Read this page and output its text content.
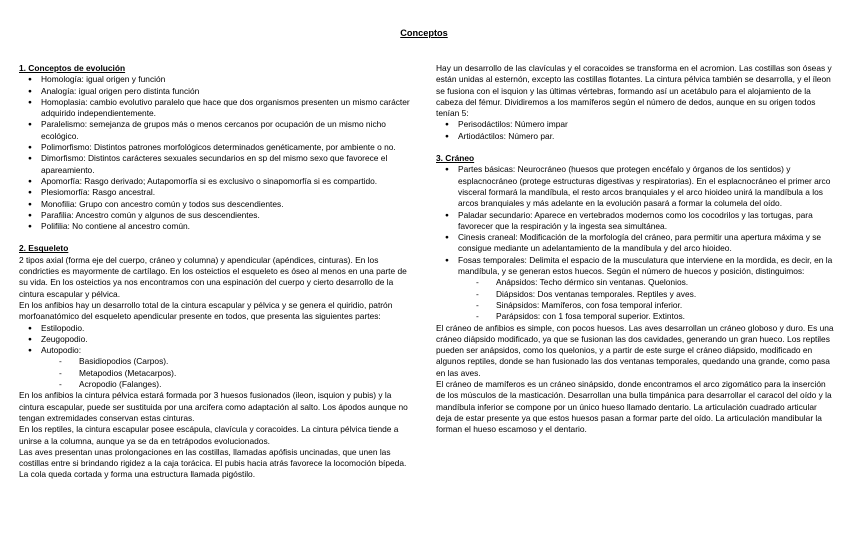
Conceptos

1. Conceptos de evolución

● Homología: igual origen y función
● Analogía: igual origen pero distinta función
● Homoplasia: cambio evolutivo paralelo que hace que dos organismos presenten un mismo carácter adquirido independientemente.
● Paralelismo: semejanza de grupos más o menos cercanos por ocupación de un mismo nicho ecológico.
● Polimorfismo: Distintos patrones morfológicos determinados genéticamente, por ambiente o no.
● Dimorfismo: Distintos carácteres sexuales secundarios en sp del mismo sexo que favorece el apareamiento.
● Apomorfía: Rasgo derivado; Autapomorfía si es exclusivo o sinapomorfía si es compartido.
● Plesiomorfía: Rasgo ancestral.
● Monofilia: Grupo con ancestro común y todos sus descendientes.
● Parafilia: Ancestro común y algunos de sus descendientes.
● Polifilia: No contiene al ancestro común.

2. Esqueleto

2 tipos axial (forma eje del cuerpo, cráneo y columna) y apendicular (apéndices, cinturas). En los condricties es mayormente de cartílago. En los osteictios el esqueleto es óseo al menos en una parte de su vida. En los osteictios ya nos encontramos con una espinación del cuerpo y cierto desarrollo de la cintura escapular y pélvica.

En los anfibios hay un desarrollo total de la cintura escapular y pélvica y se genera el quiridio, patrón morfoanatómico del esqueleto apendicular presente en todos, que presenta las siguientes partes:

● Estilopodio.
● Zeugopodio.
● Autopodio:
- Basidiopodios (Carpos).
- Metapodios (Metacarpos).
- Acropodio (Falanges).

En los anfibios la cintura pélvica estará formada por 3 huesos fusionados (ileon, isquion y pubis) y la cintura escapular, puede ser sustituida por una arcifera como adaptación al salto. Los ápodos aunque no tengan extremidades conservan estas cinturas.

En los reptiles, la cintura escapular posee escápula, clavícula y coracoides. La cintura pélvica tiende a unirse a la columna, aunque ya se da en tetrápodos evolucionados.

Las aves presentan unas prolongaciones en las costillas, llamadas apófisis uncinadas, que unen las costillas entre si brindando rigidez a la caja torácica. El pubis hacia atrás favorece la locomoción bípeda. La cola queda cortada y forma una estructura llamada pigóstilo.

Hay un desarrollo de las clavículas y el coracoides se transforma en el acromion. Las costillas son óseas y están unidas al esternón, excepto las costillas flotantes. La cintura pélvica también se desarrolla, y el íleon se fusiona con el isquion y las últimas vértebras, formando así un acetábulo para el alojamiento de la cabeza del fémur. Dividiremos a los mamíferos según el número de dedos, aunque en su origen todos tenían 5:

● Perisodáctilos: Número impar
● Artiodáctilos: Número par.

3. Cráneo

● Partes básicas: Neurocráneo (huesos que protegen encéfalo y órganos de los sentidos) y esplacnocráneo (protege estructuras digestivas y respiratorias). En el esplacnocráneo el primer arco visceral formará la mandíbula, el resto arcos branquiales y el arco hioideo unirá la mandíbula a los arcos branquiales y más adelante en la evolución pasará a formar la columela del oído.
● Paladar secundario: Aparece en vertebrados modernos como los cocodrilos y las tortugas, para favorecer que la respiración y la ingesta sea simultánea.
● Cinesis craneal: Modificación de la morfología del cráneo, para permitir una apertura máxima y se consigue mediante un adelantamiento de la mandíbula y del arco hioideo.
● Fosas temporales: Delimita el espacio de la musculatura que interviene en la mordida, es decir, en la mandíbula, y se generan estos huecos. Según el número de huecos y posición, distinguimos:
- Anápsidos: Techo dérmico sin ventanas. Quelonios.
- Diápsidos: Dos ventanas temporales. Reptiles y aves.
- Sinápsidos: Mamíferos, con fosa temporal inferior.
- Parápsidos: con 1 fosa temporal superior. Extintos.

El cráneo de anfibios es simple, con pocos huesos. Las aves desarrollan un cráneo globoso y duro. Es una cráneo diápsido modificado, ya que se fusionan las dos cavidades, generando un gran hueco. Los reptiles pueden ser anápsidos, como los quelonios, y a partir de este surge el cráneo diápsido, modificado en algunos reptiles, donde se han fusionado las dos ventanas temporales, quedando una grande, como pasa en las aves.

El cráneo de mamíferos es un cráneo sinápsido, donde encontramos el arco zigomático para la inserción de los músculos de la masticación. Desarrollan una bulla timpánica para desarrollar el caracol del oído y la mandíbula inferior se compone por un único hueso llamado dentario. La articulación cuadrado articular deja de estar presente ya que estos huesos pasan a formar parte del oído. La articulación mandibular la forman el hueso escamoso y el dentario.
